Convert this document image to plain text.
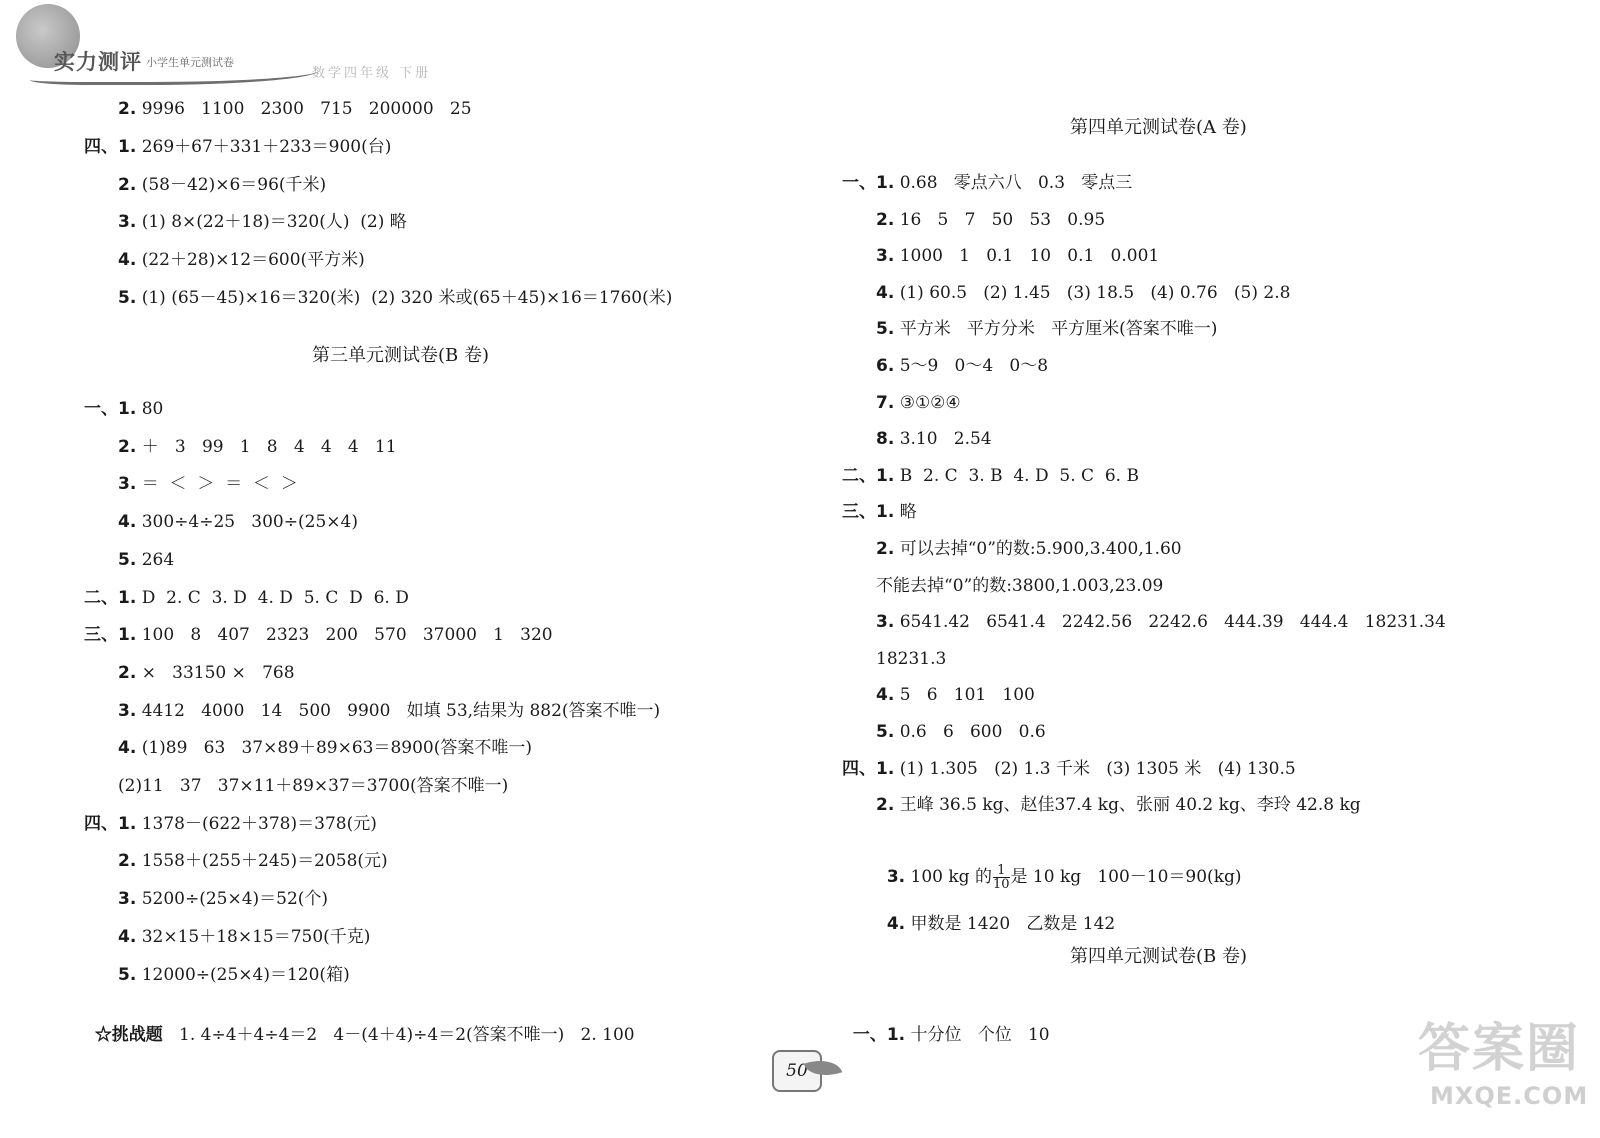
实力测评 小学生单元测试卷
数学四年级 下册
2. 9996   1100   2300   715   200000   25
四、1. 269＋67＋331＋233＝900(台)
2. (58－42)×6＝96(千米)
3. (1) 8×(22＋18)＝320(人)  (2) 略
4. (22＋28)×12＝600(平方米)
5. (1) (65－45)×16＝320(米)  (2) 320 米或(65＋45)×16＝1760(米)
一、1. 80
2. ＋   3   99   1   8   4   4   4   11
3. ＝  ＜  ＞  ＝  ＜  ＞
4. 300÷4÷25   300÷(25×4)
5. 264
二、1. D  2. C  3. D  4. D  5. C  D  6. D
三、1. 100   8   407   2323   200   570   37000   1   320
2. ×   33150 ×   768
3. 4412   4000   14   500   9900   如填 53,结果为 882(答案不唯一)
4. (1)89   63   37×89＋89×63＝8900(答案不唯一)
(2)11   37   37×11＋89×37＝3700(答案不唯一)
四、1. 1378－(622＋378)＝378(元)
2. 1558＋(255＋245)＝2058(元)
3. 5200÷(25×4)＝52(个)
4. 32×15＋18×15＝750(千克)
5. 12000÷(25×4)＝120(箱)
一、1. 0.68   零点六八   0.3   零点三
2. 16   5   7   50   53   0.95
3. 1000   1   0.1   10   0.1   0.001
4. (1) 60.5   (2) 1.45   (3) 18.5   (4) 0.76   (5) 2.8
5. 平方米   平方分米   平方厘米(答案不唯一)
6. 5～9   0～4   0～8
7. ③①②④
8. 3.10   2.54
二、1. B  2. C  3. B  4. D  5. C  6. B
三、1. 略
2. 可以去掉“0”的数:5.900,3.400,1.60
不能去掉“0”的数:3800,1.003,23.09
3. 6541.42   6541.4   2242.56   2242.6   444.39   444.4   18231.34
18231.3
4. 5   6   101   100
5. 0.6   6   600   0.6
四、1. (1) 1.305   (2) 1.3 千米   (3) 1305 米   (4) 130.5
2. 王峰 36.5 kg、赵佳37.4 kg、张丽 40.2 kg、李玲 42.8 kg
第三单元测试卷(B 卷)

☆挑战题 1. 4÷4＋4÷4＝2   4－(4＋4)÷4＝2(答案不唯一)   2. 100

第四单元测试卷(A 卷)

3. 100 kg 的 $\frac{1}{10}$ 是 10 kg   100－10＝90(kg)

4. 甲数是 1420   乙数是 142

第四单元测试卷(B 卷)

一、1. 十分位   个位   10

50	答案圈
MXQE.COM
